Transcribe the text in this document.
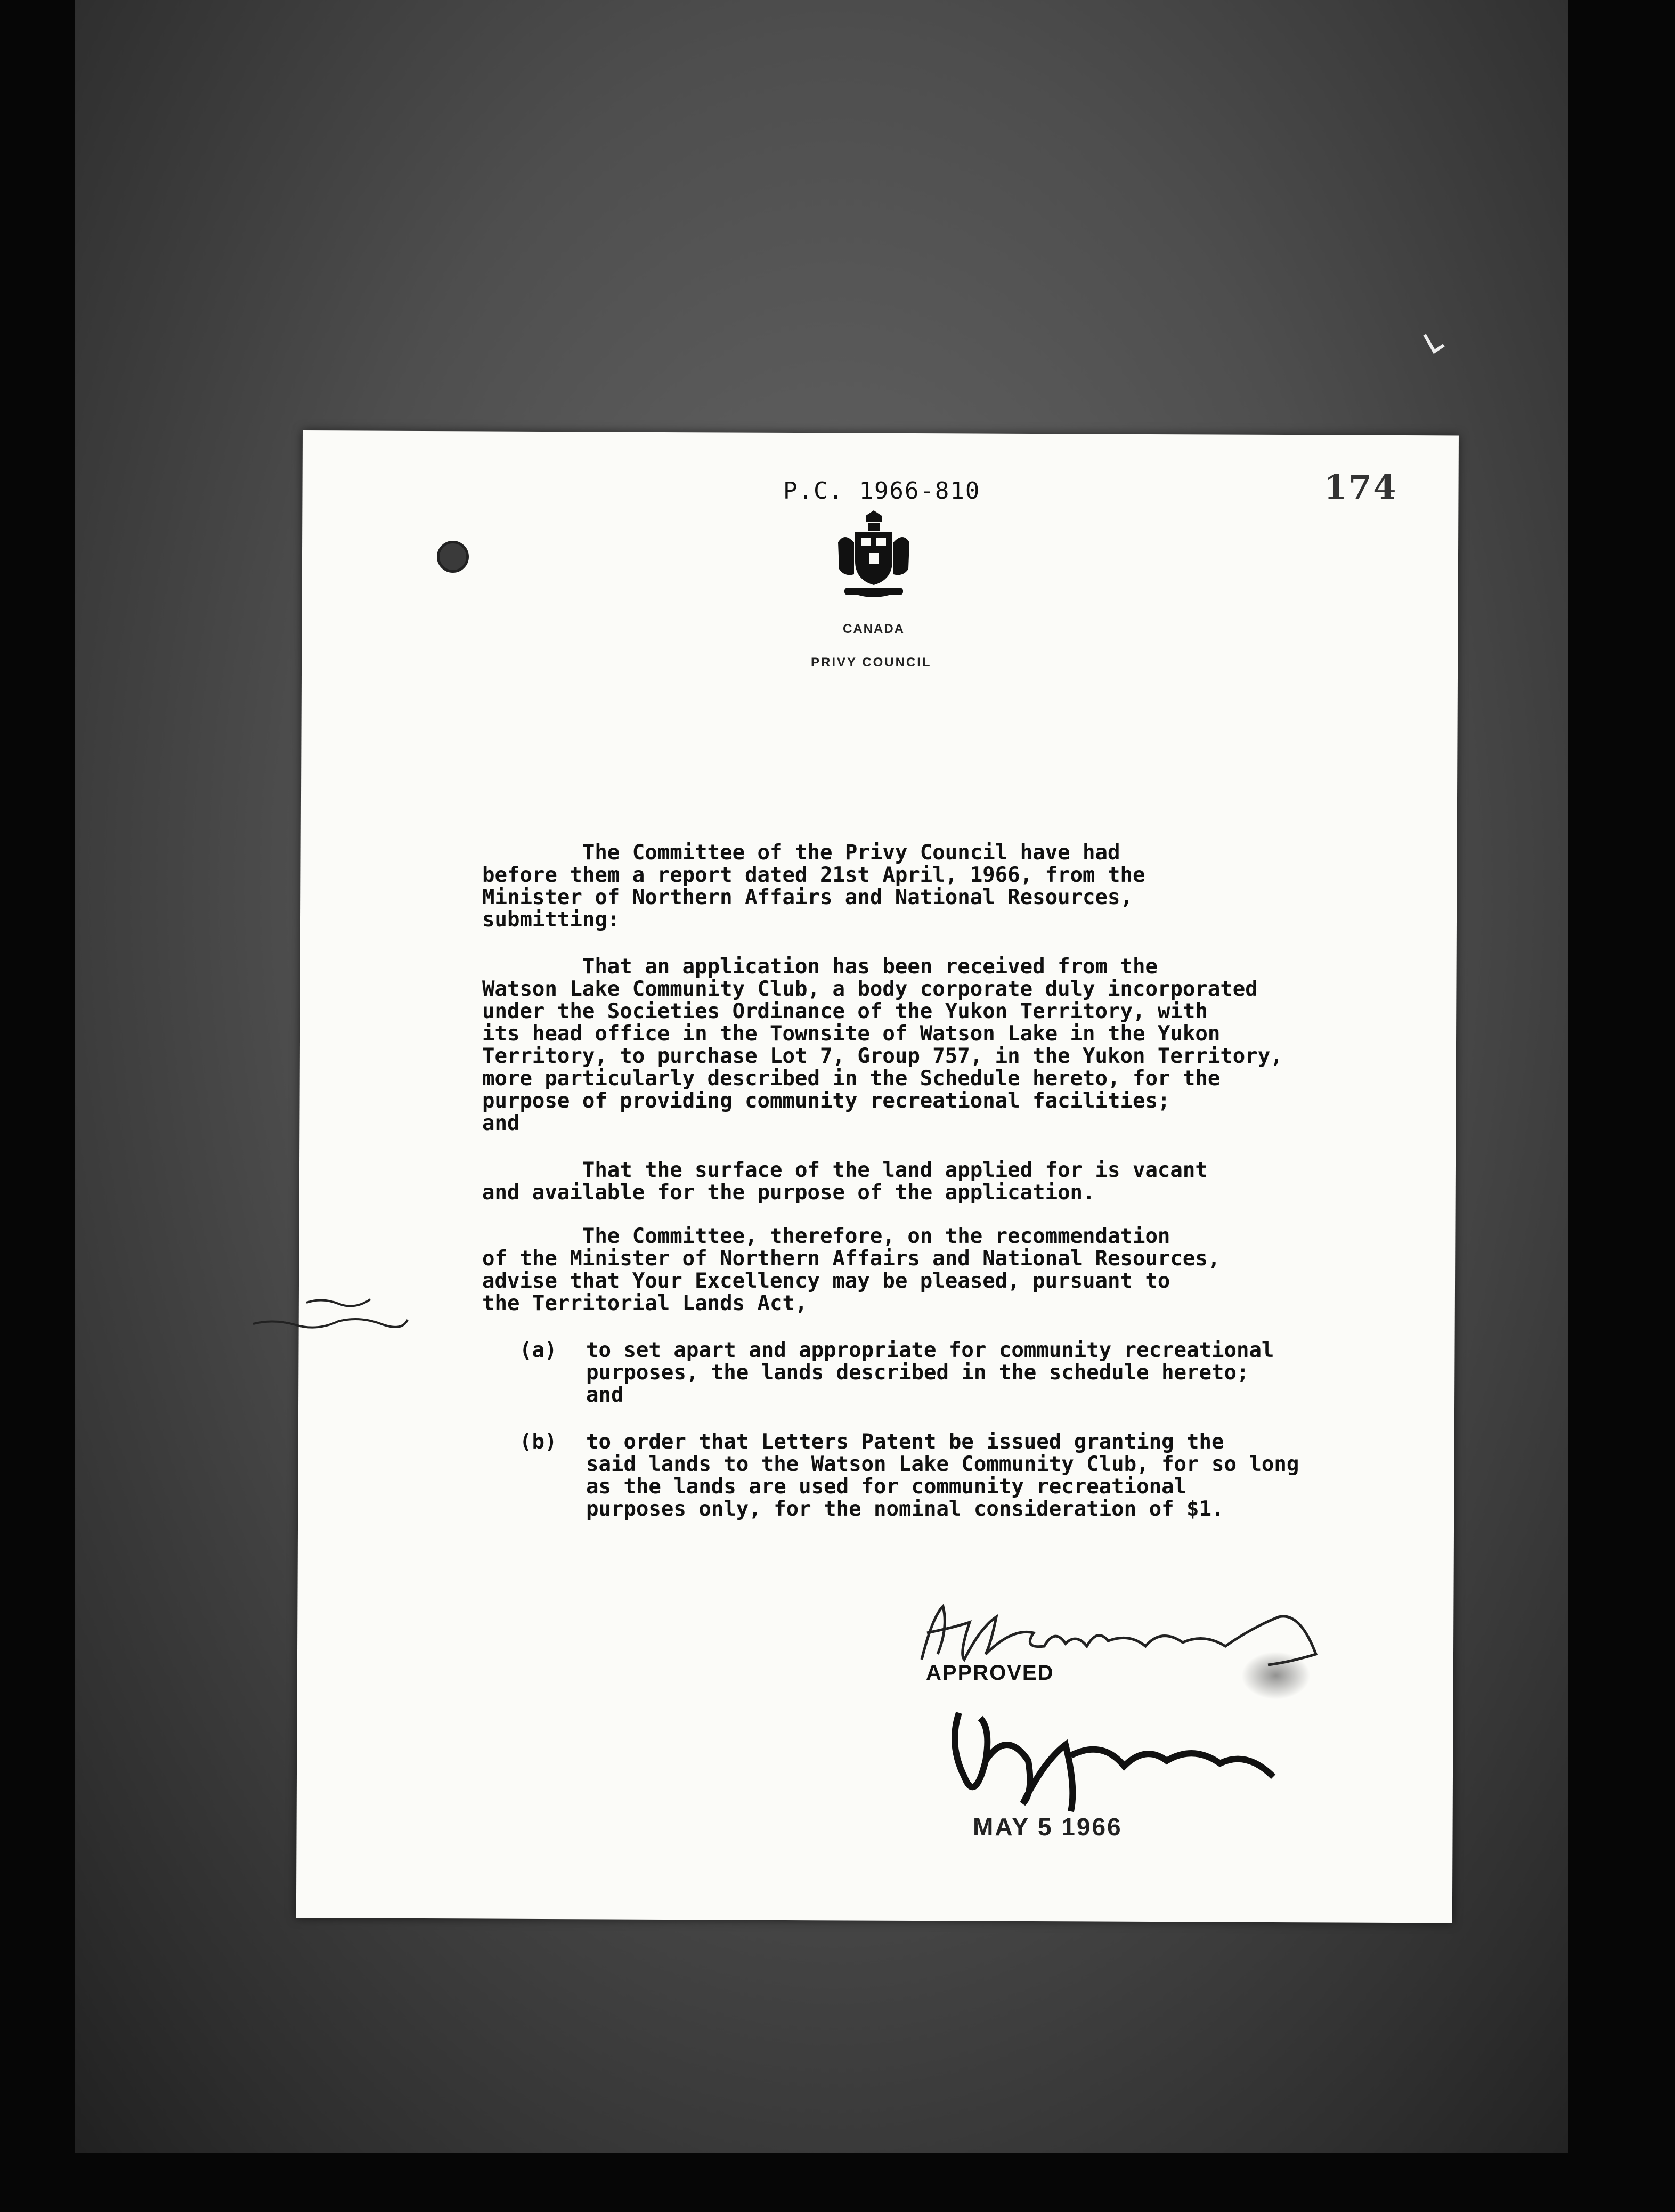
P.C. 1966-810	174
CANADA
PRIVY COUNCIL

The Committee of the Privy Council have had
before them a report dated 21st April, 1966, from the
Minister of Northern Affairs and National Resources,
submitting:

That an application has been received from the
Watson Lake Community Club, a body corporate duly incorporated
under the Societies Ordinance of the Yukon Territory, with
its head office in the Townsite of Watson Lake in the Yukon
Territory, to purchase Lot 7, Group 757, in the Yukon Territory,
more particularly described in the Schedule hereto, for the
purpose of providing community recreational facilities;
and

That the surface of the land applied for is vacant
and available for the purpose of the application.

The Committee, therefore, on the recommendation
of the Minister of Northern Affairs and National Resources,
advise that Your Excellency may be pleased, pursuant to
the Territorial Lands Act,

(a)	to set apart and appropriate for community recreational
purposes, the lands described in the schedule hereto;
and
(b)	to order that Letters Patent be issued granting the
said lands to the Watson Lake Community Club, for so long
as the lands are used for community recreational
purposes only, for the nominal consideration of $1.
APPROVED
MAY 5 1966
